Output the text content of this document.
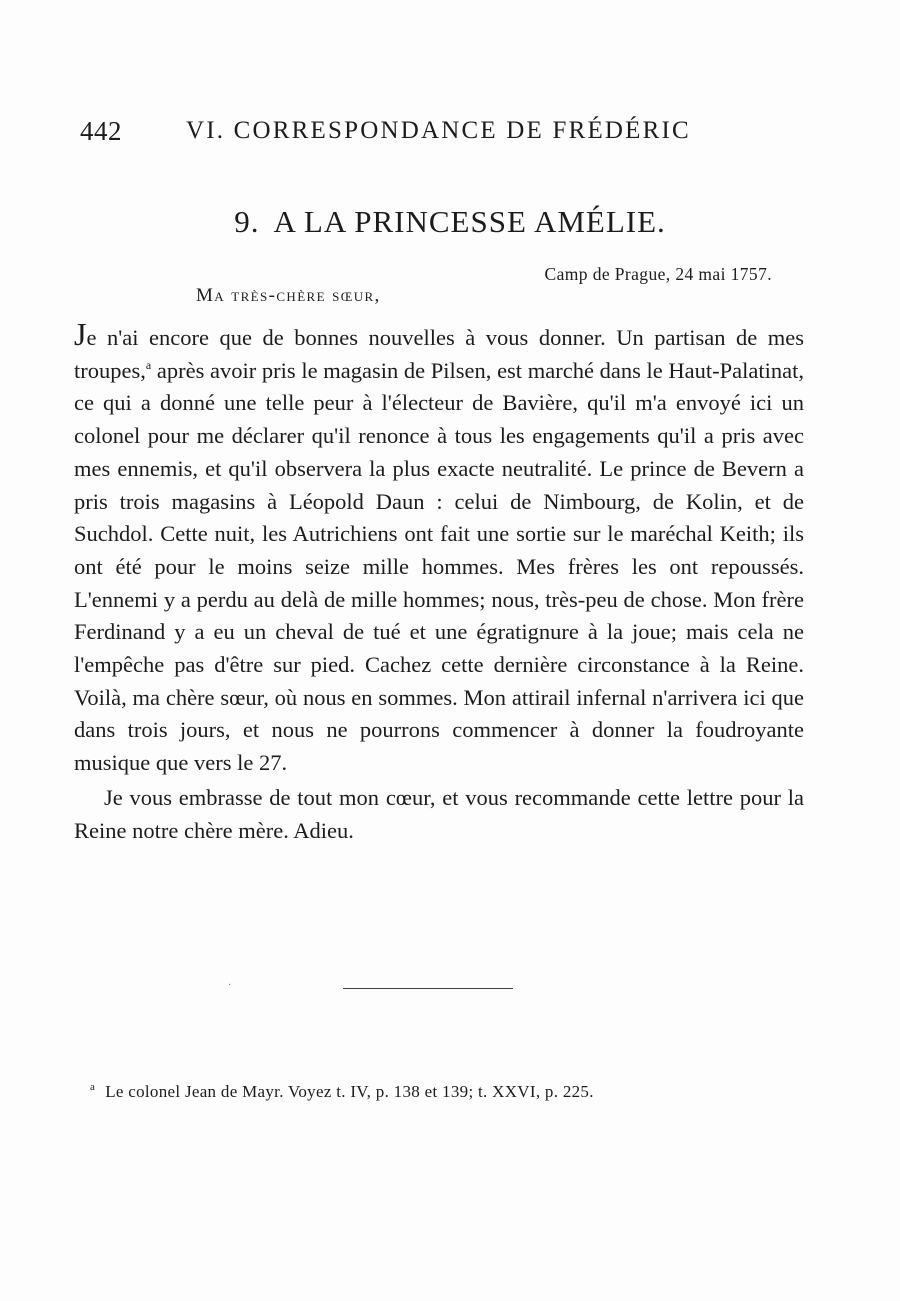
442	VI. CORRESPONDANCE DE FRÉDÉRIC
9. A LA PRINCESSE AMÉLIE.
Camp de Prague, 24 mai 1757.
Ma très-chère sœur,

Je n'ai encore que de bonnes nouvelles à vous donner. Un partisan de mes troupes,$^a$ après avoir pris le magasin de Pilsen, est marché dans le Haut-Palatinat, ce qui a donné une telle peur à l'électeur de Bavière, qu'il m'a envoyé ici un colonel pour me déclarer qu'il renonce à tous les engagements qu'il a pris avec mes ennemis, et qu'il observera la plus exacte neutralité. Le prince de Bevern a pris trois magasins à Léopold Daun : celui de Nimbourg, de Kolin, et de Suchdol. Cette nuit, les Autrichiens ont fait une sortie sur le maréchal Keith; ils ont été pour le moins seize mille hommes. Mes frères les ont repoussés. L'ennemi y a perdu au delà de mille hommes; nous, très-peu de chose. Mon frère Ferdinand y a eu un cheval de tué et une égratignure à la joue; mais cela ne l'empêche pas d'être sur pied. Cachez cette dernière circonstance à la Reine. Voilà, ma chère sœur, où nous en sommes. Mon attirail infernal n'arrivera ici que dans trois jours, et nous ne pourrons commencer à donner la foudroyante musique que vers le 27.

Je vous embrasse de tout mon cœur, et vous recommande cette lettre pour la Reine notre chère mère. Adieu.

·
$^a$ Le colonel Jean de Mayr. Voyez t. IV, p. 138 et 139; t. XXVI, p. 225.
